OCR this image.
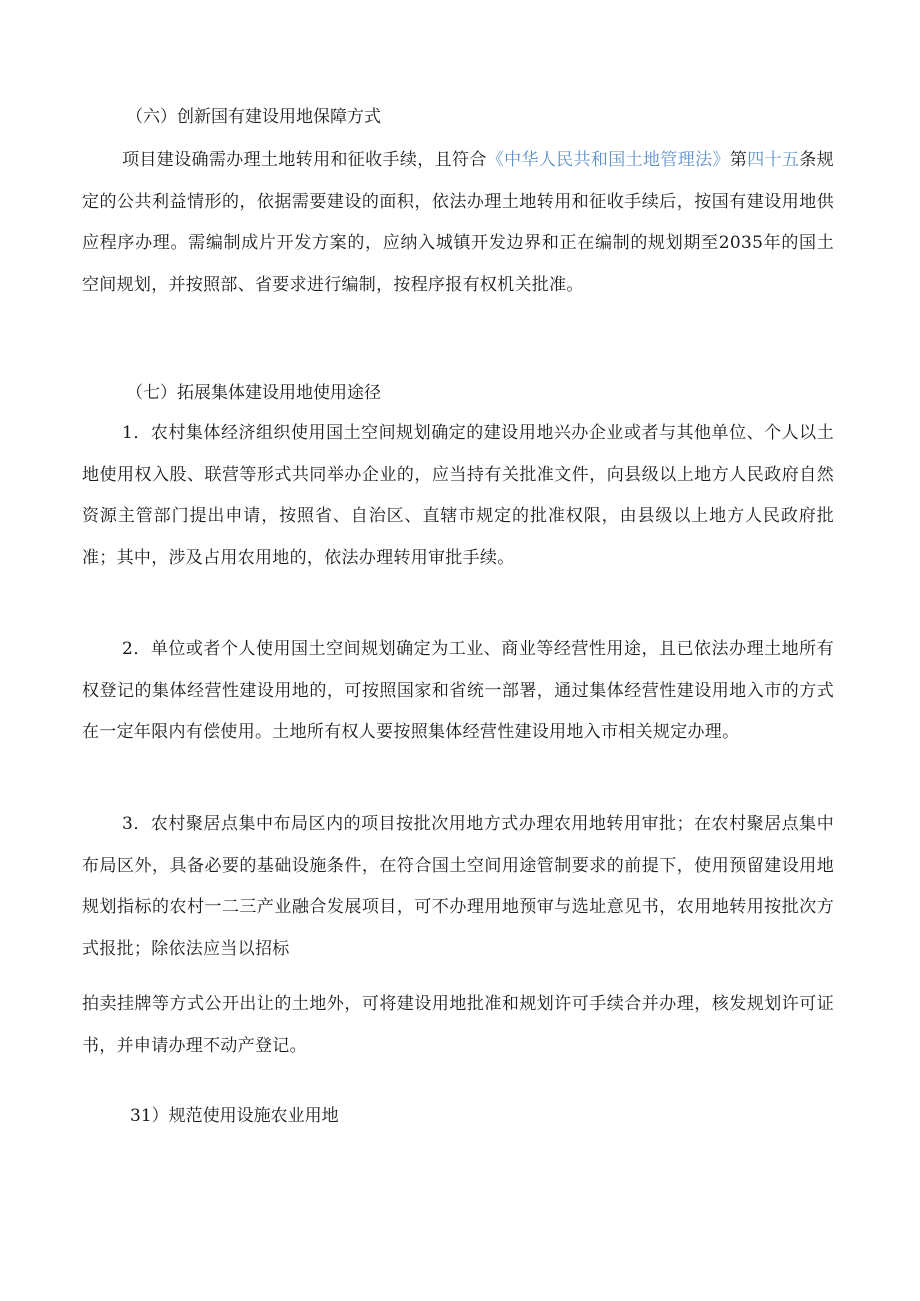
（六）创新国有建设用地保障方式
项目建设确需办理土地转用和征收手续，且符合《中华人民共和国土地管理法》第四十五条规定的公共利益情形的，依据需要建设的面积，依法办理土地转用和征收手续后，按国有建设用地供应程序办理。需编制成片开发方案的，应纳入城镇开发边界和正在编制的规划期至2035年的国土空间规划，并按照部、省要求进行编制，按程序报有权机关批准。
（七）拓展集体建设用地使用途径
1．农村集体经济组织使用国土空间规划确定的建设用地兴办企业或者与其他单位、个人以土地使用权入股、联营等形式共同举办企业的，应当持有关批准文件，向县级以上地方人民政府自然资源主管部门提出申请，按照省、自治区、直辖市规定的批准权限，由县级以上地方人民政府批准；其中，涉及占用农用地的，依法办理转用审批手续。
2．单位或者个人使用国土空间规划确定为工业、商业等经营性用途，且已依法办理土地所有权登记的集体经营性建设用地的，可按照国家和省统一部署，通过集体经营性建设用地入市的方式在一定年限内有偿使用。土地所有权人要按照集体经营性建设用地入市相关规定办理。
3．农村聚居点集中布局区内的项目按批次用地方式办理农用地转用审批；在农村聚居点集中布局区外，具备必要的基础设施条件，在符合国土空间用途管制要求的前提下，使用预留建设用地规划指标的农村一二三产业融合发展项目，可不办理用地预审与选址意见书，农用地转用按批次方式报批；除依法应当以招标
拍卖挂牌等方式公开出让的土地外，可将建设用地批准和规划许可手续合并办理，核发规划许可证书，并申请办理不动产登记。
31）规范使用设施农业用地
